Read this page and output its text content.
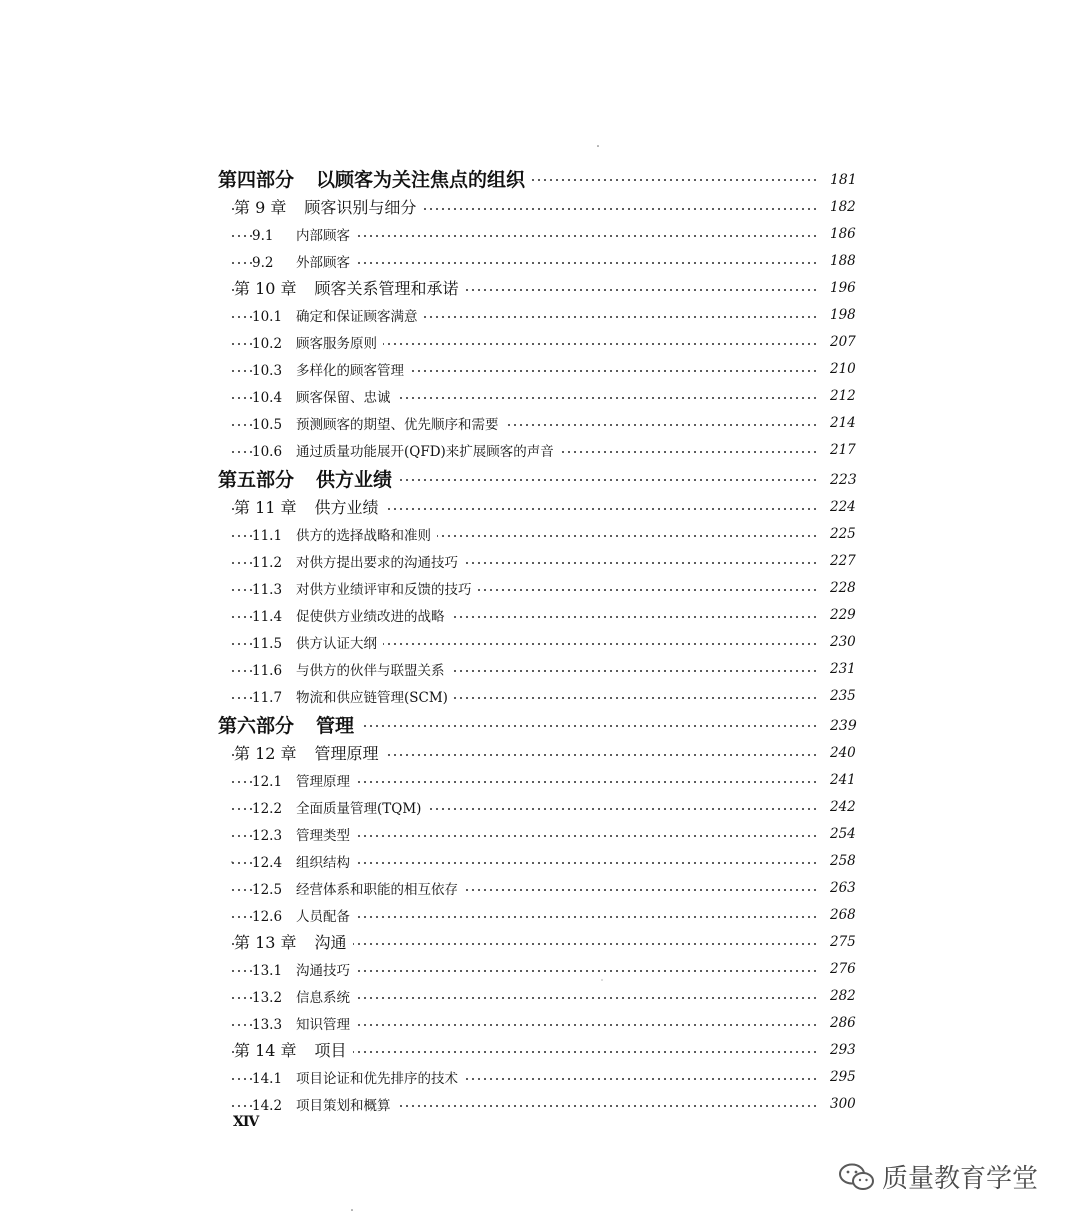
第四部分 以顾客为关注焦点的组织	181
第 9 章 顾客识别与细分	182
9.1 内部顾客	186
9.2 外部顾客	188
第 10 章 顾客关系管理和承诺	196
10.1 确定和保证顾客满意	198
10.2 顾客服务原则	207
10.3 多样化的顾客管理	210
10.4 顾客保留、忠诚	212
10.5 预测顾客的期望、优先顺序和需要	214
10.6 通过质量功能展开(QFD)来扩展顾客的声音	217
第五部分 供方业绩	223
第 11 章 供方业绩	224
11.1 供方的选择战略和准则	225
11.2 对供方提出要求的沟通技巧	227
11.3 对供方业绩评审和反馈的技巧	228
11.4 促使供方业绩改进的战略	229
11.5 供方认证大纲	230
11.6 与供方的伙伴与联盟关系	231
11.7 物流和供应链管理(SCM)	235
第六部分 管理	239
第 12 章 管理原理	240
12.1 管理原理	241
12.2 全面质量管理(TQM)	242
12.3 管理类型	254
12.4 组织结构	258
12.5 经营体系和职能的相互依存	263
12.6 人员配备	268
第 13 章 沟通	275
13.1 沟通技巧	276
13.2 信息系统	282
13.3 知识管理	286
第 14 章 项目	293
14.1 项目论证和优先排序的技术	295
14.2 项目策划和概算	300
XIV
质量教育学堂
